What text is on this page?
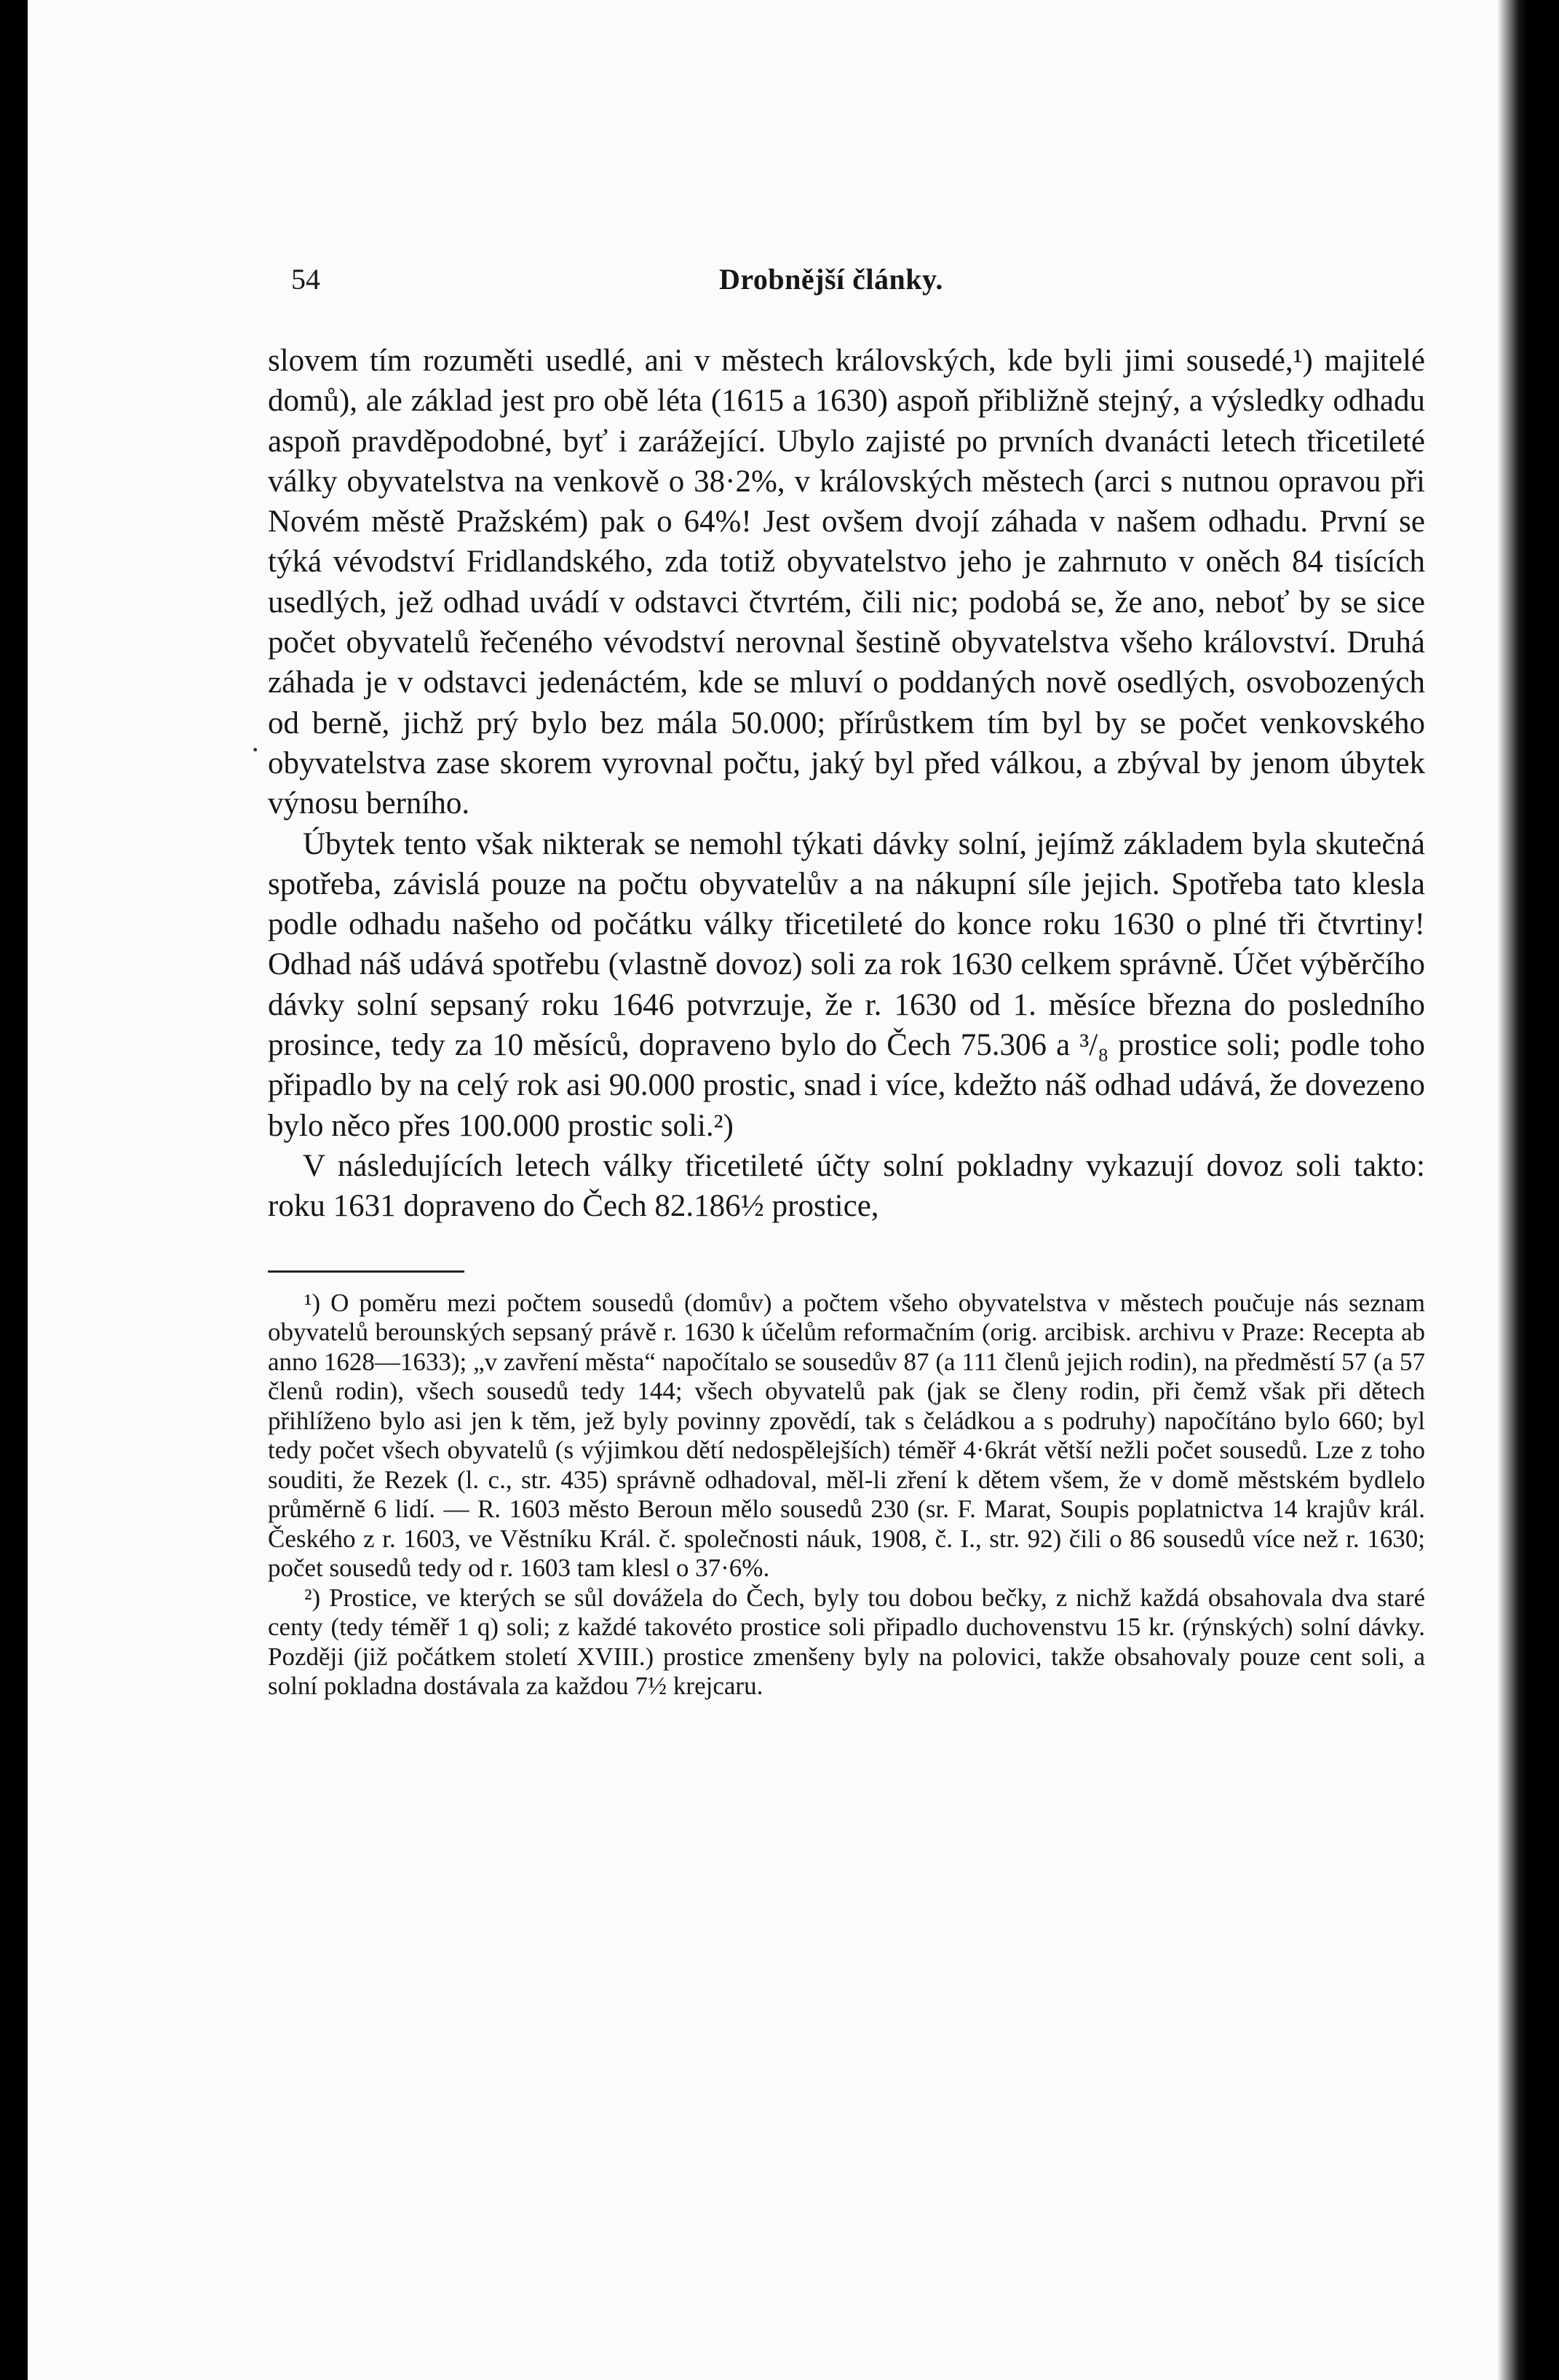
·
54	Drobnější články.

slovem tím rozuměti usedlé, ani v městech královských, kde byli jimi sousedé,¹) majitelé domů), ale základ jest pro obě léta (1615 a 1630) aspoň přibližně stejný, a výsledky odhadu aspoň pravděpodobné, byť i zarážející. Ubylo zajisté po prvních dvanácti letech třicetileté války obyvatelstva na venkově o 38·2%, v královských městech (arci s nutnou opravou při Novém městě Pražském) pak o 64%! Jest ovšem dvojí záhada v našem odhadu. První se týká vévodství Fridlandského, zda totiž obyvatelstvo jeho je zahrnuto v oněch 84 tisících usedlých, jež odhad uvádí v odstavci čtvrtém, čili nic; podobá se, že ano, neboť by se sice počet obyvatelů řečeného vévodství nerovnal šestině obyvatelstva všeho království. Druhá záhada je v odstavci jedenáctém, kde se mluví o poddaných nově osedlých, osvobozených od berně, jichž prý bylo bez mála 50.000; přírůstkem tím byl by se počet venkovského obyvatelstva zase skorem vyrovnal počtu, jaký byl před válkou, a zbýval by jenom úbytek výnosu berního.

Úbytek tento však nikterak se nemohl týkati dávky solní, jejímž základem byla skutečná spotřeba, závislá pouze na počtu obyvatelův a na nákupní síle jejich. Spotřeba tato klesla podle odhadu našeho od počátku války třicetileté do konce roku 1630 o plné tři čtvrtiny! Odhad náš udává spotřebu (vlastně dovoz) soli za rok 1630 celkem správně. Účet výběrčího dávky solní sepsaný roku 1646 potvrzuje, že r. 1630 od 1. měsíce března do posledního prosince, tedy za 10 měsíců, dopraveno bylo do Čech 75.306 a ³/₈ prostice soli; podle toho připadlo by na celý rok asi 90.000 prostic, snad i více, kdežto náš odhad udává, že dovezeno bylo něco přes 100.000 prostic soli.²)

V následujících letech války třicetileté účty solní pokladny vykazují dovoz soli takto: roku 1631 dopraveno do Čech 82.186½ prostice,

¹) O poměru mezi počtem sousedů (domův) a počtem všeho obyvatelstva v městech poučuje nás seznam obyvatelů berounských sepsaný právě r. 1630 k účelům reformačním (orig. arcibisk. archivu v Praze: Recepta ab anno 1628—1633); „v zavření města“ napočítalo se sousedův 87 (a 111 členů jejich rodin), na předměstí 57 (a 57 členů rodin), všech sousedů tedy 144; všech obyvatelů pak (jak se členy rodin, při čemž však při dětech přihlíženo bylo asi jen k těm, jež byly povinny zpovědí, tak s čeládkou a s podruhy) napočítáno bylo 660; byl tedy počet všech obyvatelů (s výjimkou dětí nedospělejších) téměř 4·6krát větší nežli počet sousedů. Lze z toho souditi, že Rezek (l. c., str. 435) správně odhadoval, měl-li zření k dětem všem, že v domě městském bydlelo průměrně 6 lidí. — R. 1603 město Beroun mělo sousedů 230 (sr. F. Marat, Soupis poplatnictva 14 krajův král. Českého z r. 1603, ve Věstníku Král. č. společnosti náuk, 1908, č. I., str. 92) čili o 86 sousedů více než r. 1630; počet sousedů tedy od r. 1603 tam klesl o 37·6%.

²) Prostice, ve kterých se sůl dovážela do Čech, byly tou dobou bečky, z nichž každá obsahovala dva staré centy (tedy téměř 1 q) soli; z každé takovéto prostice soli připadlo duchovenstvu 15 kr. (rýnských) solní dávky. Později (již počátkem století XVIII.) prostice zmenšeny byly na polovici, takže obsahovaly pouze cent soli, a solní pokladna dostávala za každou 7½ krejcaru.
